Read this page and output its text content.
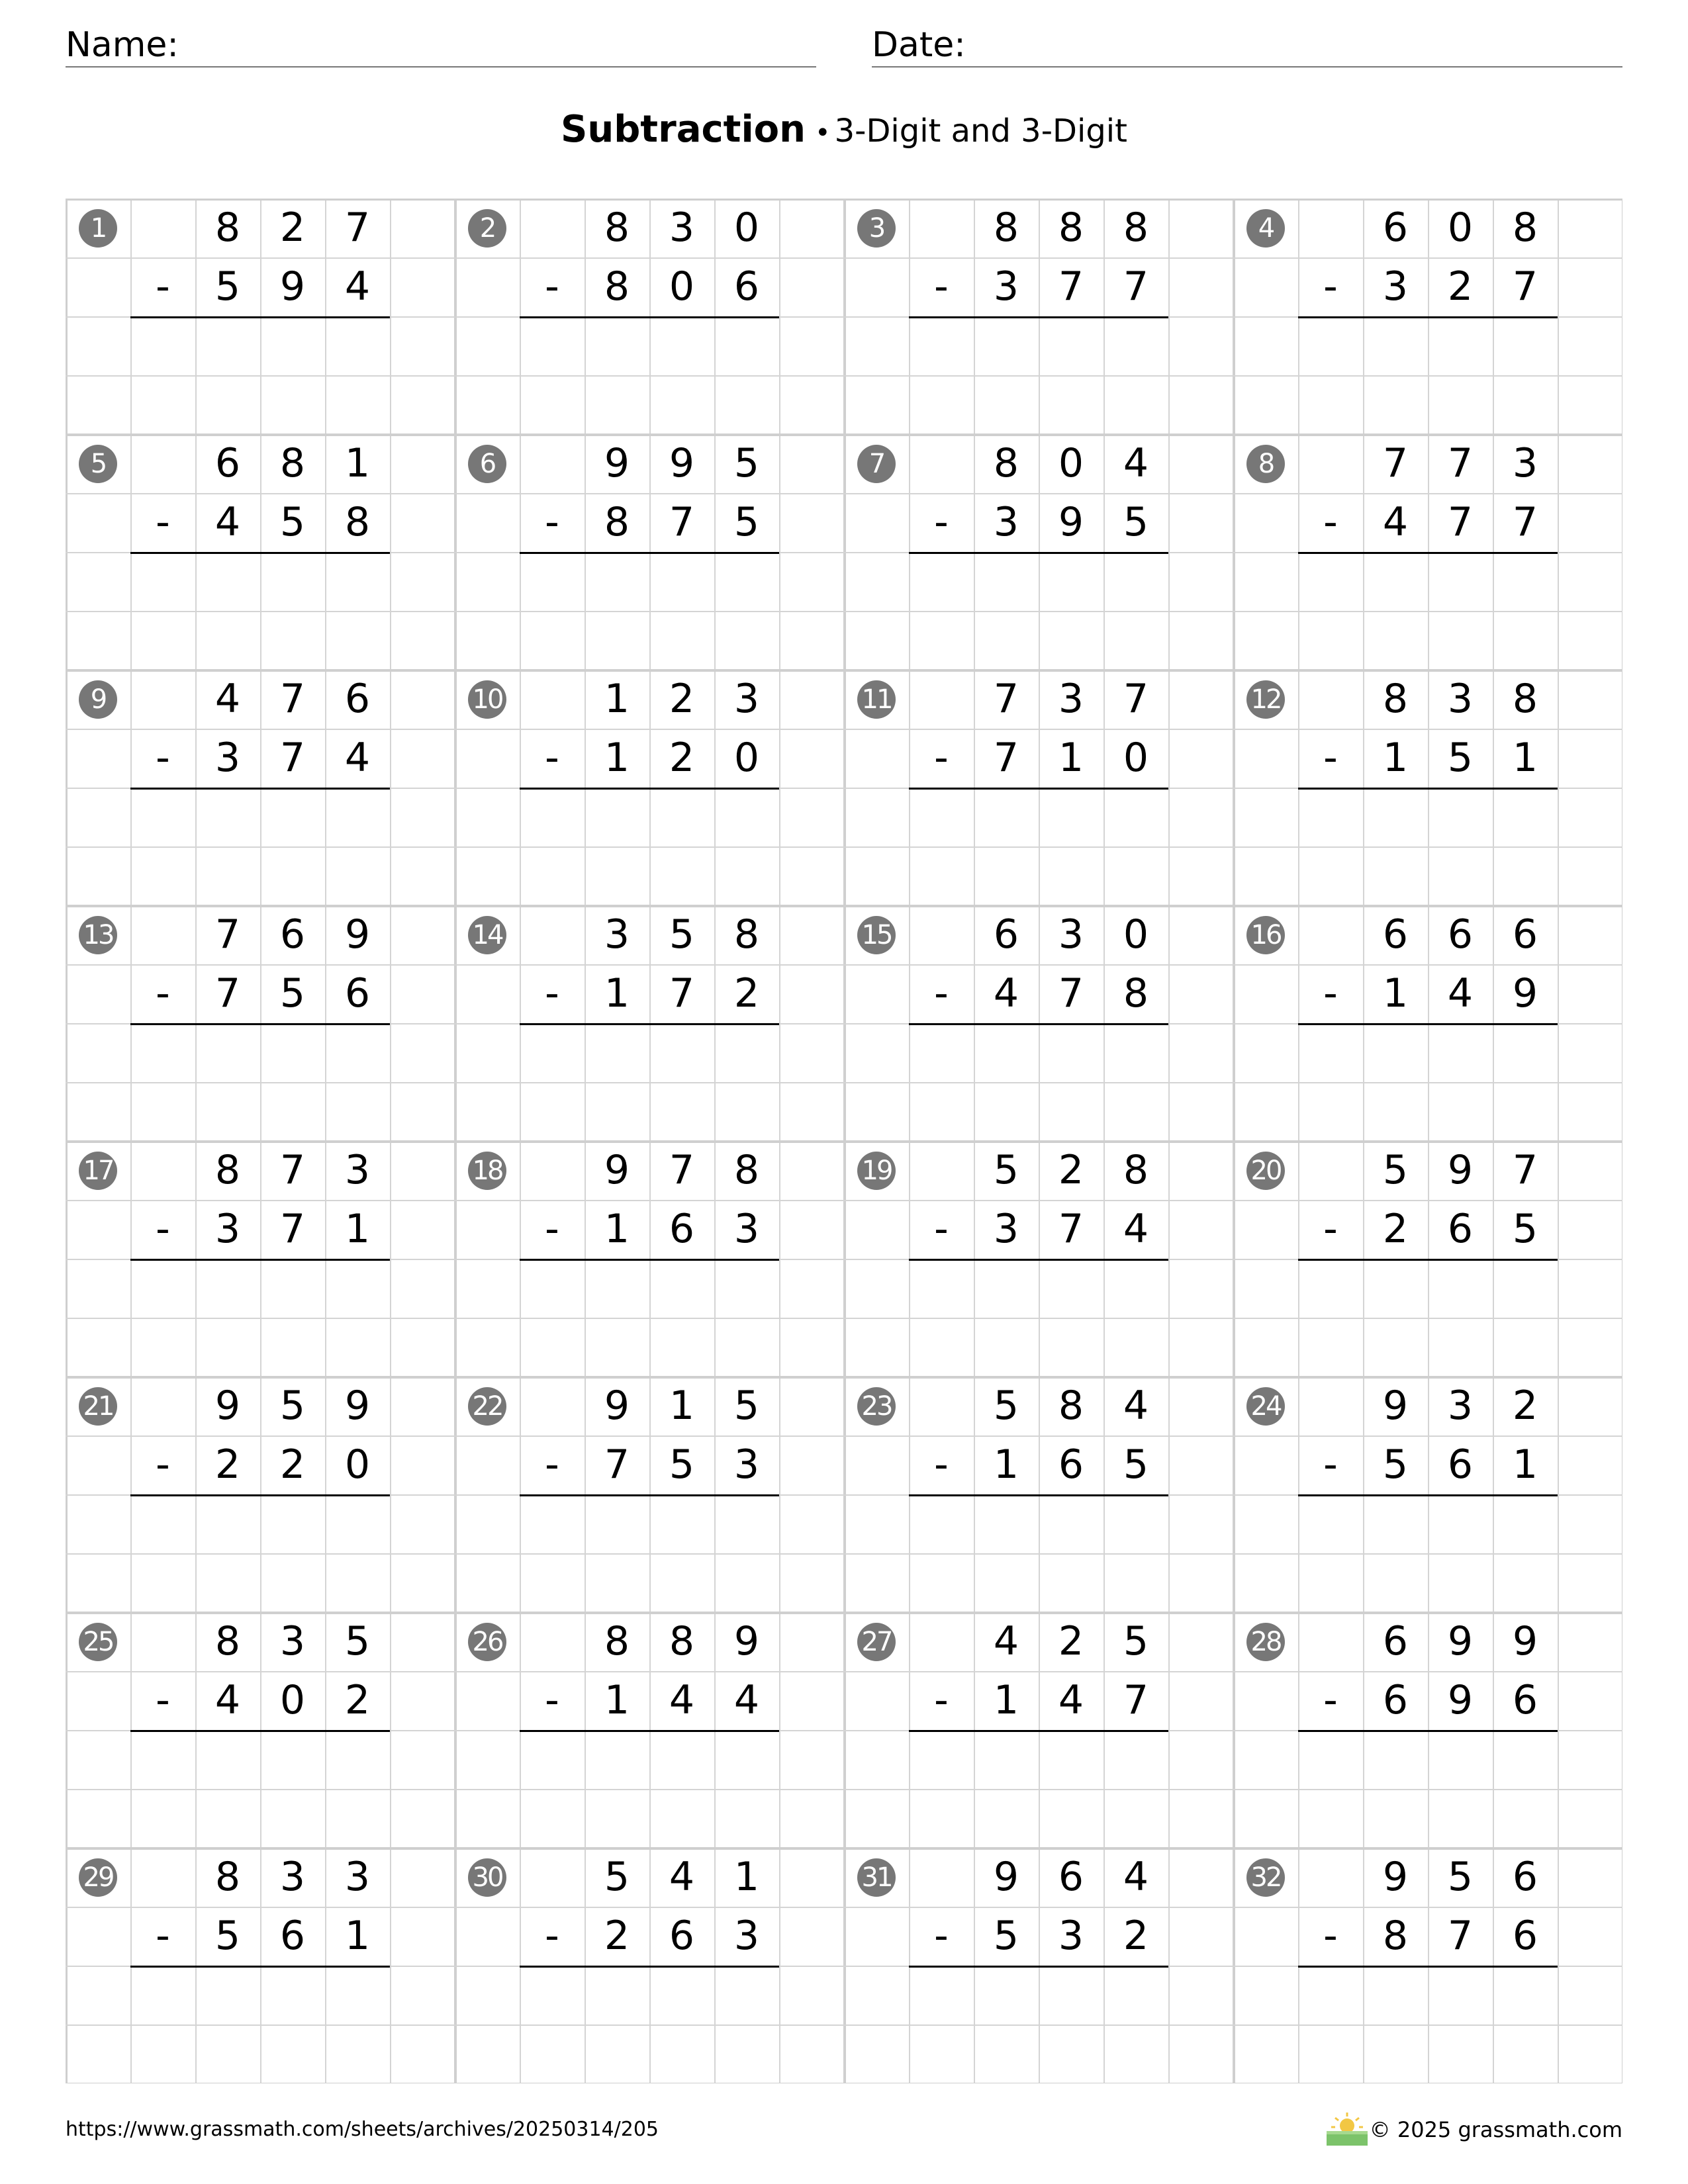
Name:	Date:
Subtraction • 3-Digit and 3-Digit
1	8 2 7
-	5 9 4
2	8 3 0
-	8 0 6
3	8 8 8
-	3 7 7
4	6 0 8
-	3 2 7
5	6 8 1
-	4 5 8
6	9 9 5
-	8 7 5
7	8 0 4
-	3 9 5
8	7 7 3
-	4 7 7
9	4 7 6
-	3 7 4
10	1 2 3
-	1 2 0
11	7 3 7
-	7 1 0
12	8 3 8
-	1 5 1
13	7 6 9
-	7 5 6
14	3 5 8
-	1 7 2
15	6 3 0
-	4 7 8
16	6 6 6
-	1 4 9
17	8 7 3
-	3 7 1
18	9 7 8
-	1 6 3
19	5 2 8
-	3 7 4
20	5 9 7
-	2 6 5
21	9 5 9
-	2 2 0
22	9 1 5
-	7 5 3
23	5 8 4
-	1 6 5
24	9 3 2
-	5 6 1
25	8 3 5
-	4 0 2
26	8 8 9
-	1 4 4
27	4 2 5
-	1 4 7
28	6 9 9
-	6 9 6
29	8 3 3
-	5 6 1
30	5 4 1
-	2 6 3
31	9 6 4
-	5 3 2
32	9 5 6
-	8 7 6
https://www.grassmath.com/sheets/archives/20250314/205	© 2025 grassmath.com
